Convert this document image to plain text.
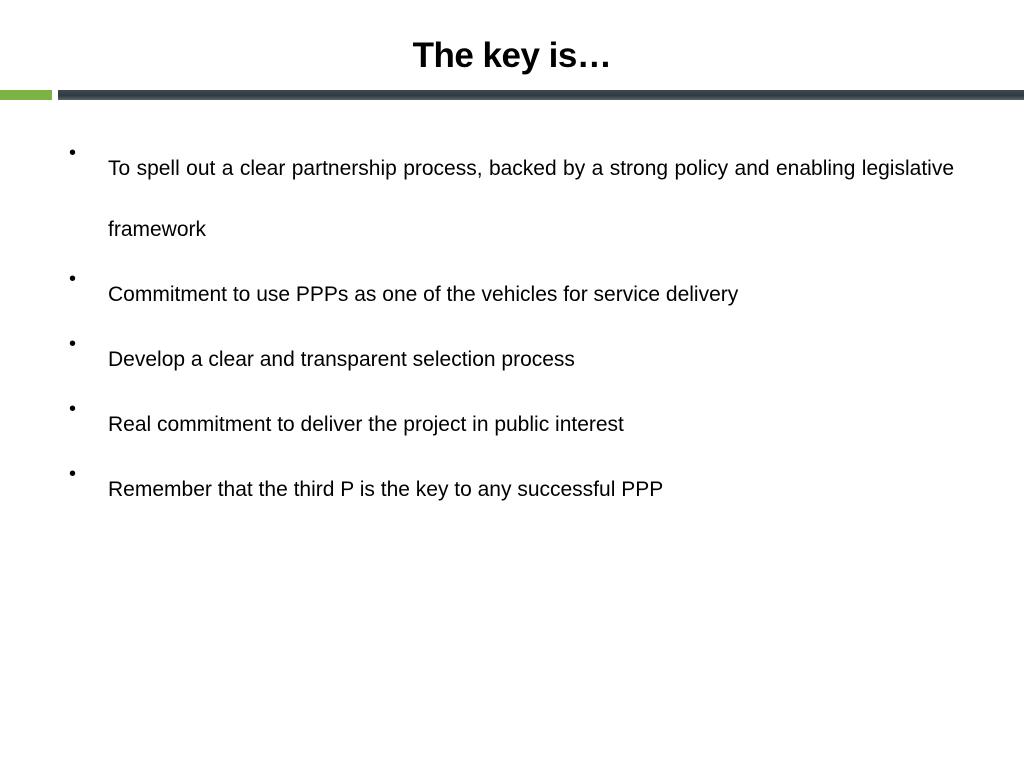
The key is…
•
To spell out a clear partnership process, backed by a strong policy and enabling legislative framework
•
Commitment to use PPPs as one of the vehicles for service delivery
•
Develop a clear and transparent selection process
•
Real commitment to deliver the project in public interest
•
Remember that the third P is the key to any successful PPP
